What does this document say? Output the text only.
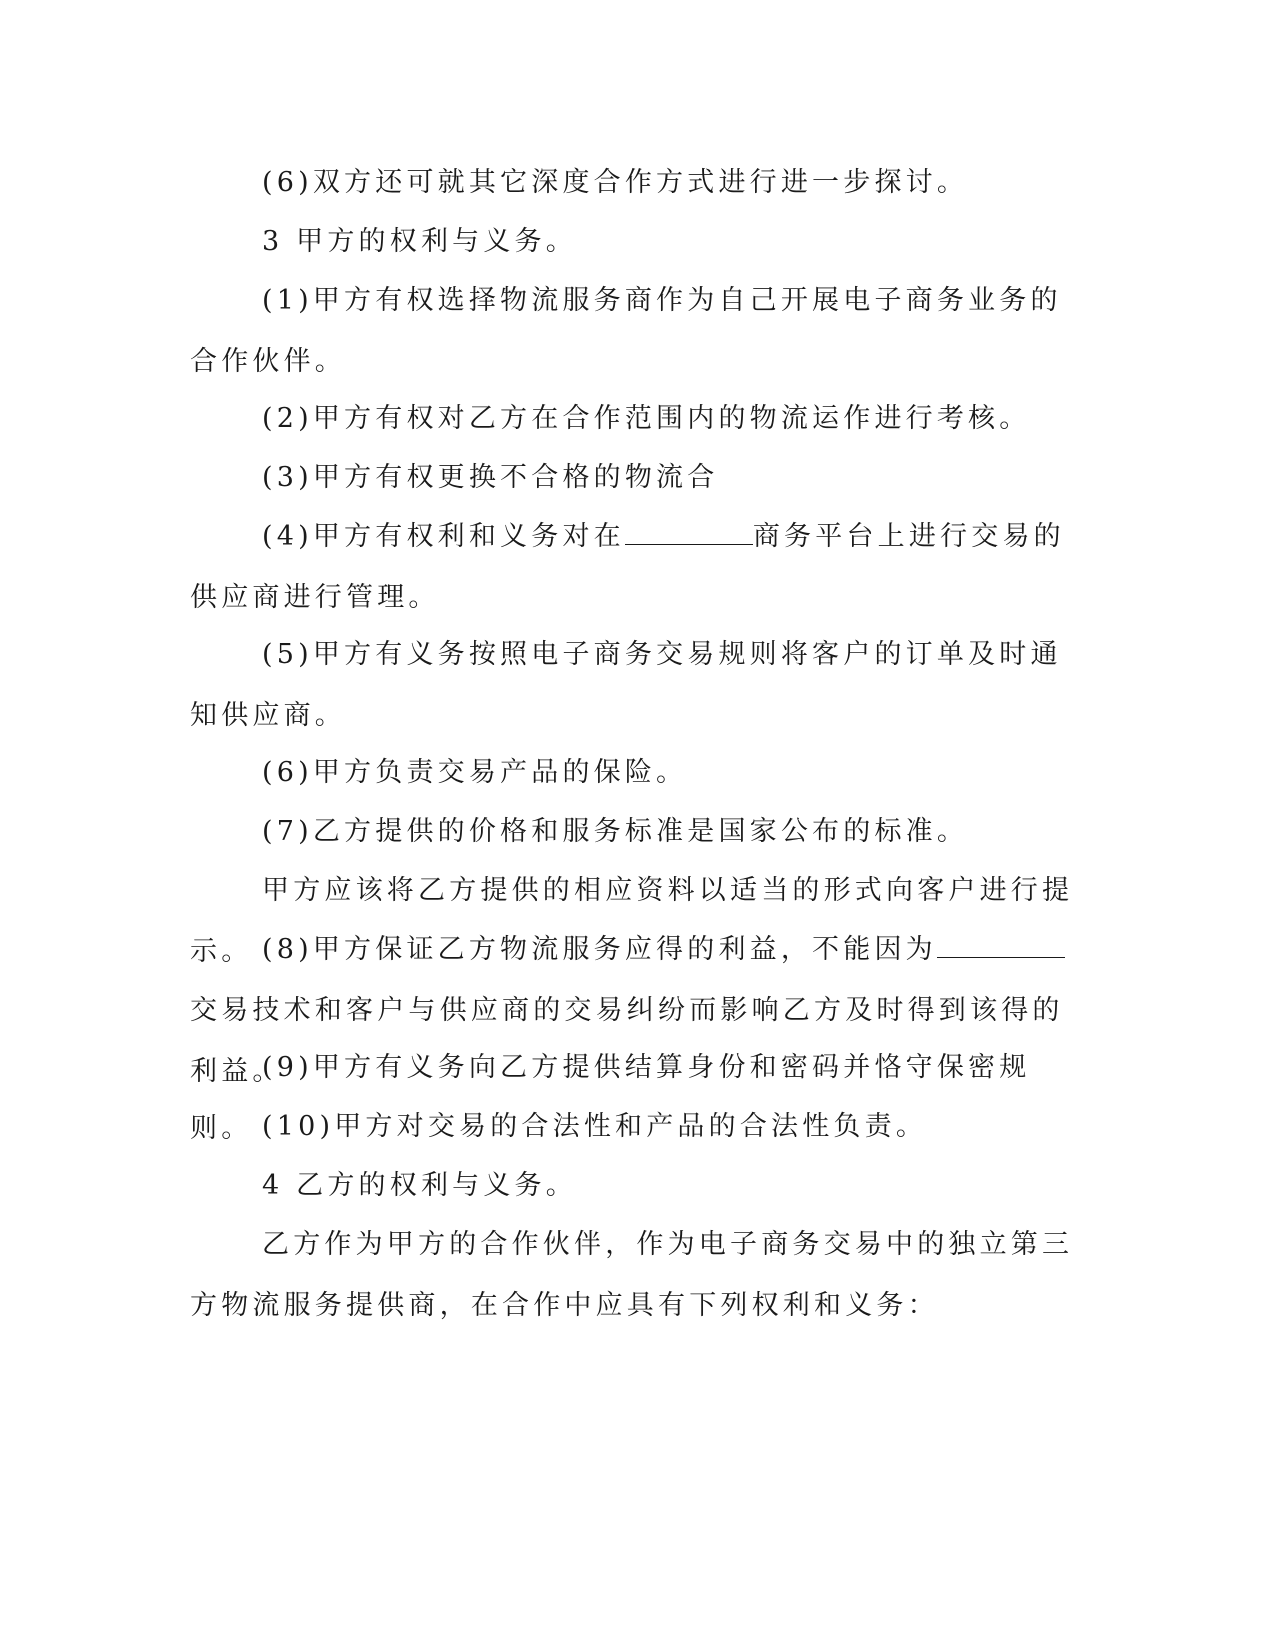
(6)双方还可就其它深度合作方式进行进一步探讨。

3 甲方的权利与义务。

(1)甲方有权选择物流服务商作为自己开展电子商务业务的合作伙伴。

(2)甲方有权对乙方在合作范围内的物流运作进行考核。

(3)甲方有权更换不合格的物流合

(4)甲方有权利和义务对在	商务平台上进行交易的供应商进行管理。

(5)甲方有义务按照电子商务交易规则将客户的订单及时通知供应商。

(6)甲方负责交易产品的保险。

(7)乙方提供的价格和服务标准是国家公布的标准。

甲方应该将乙方提供的相应资料以适当的形式向客户进行提示。 (8)甲方保证乙方物流服务应得的利益，不能因为交易技术和客户与供应商的交易纠纷而影响乙方及时得到该得的利益。

(9)甲方有义务向乙方提供结算身份和密码并恪守保密规则。 (10)甲方对交易的合法性和产品的合法性负责。

4 乙方的权利与义务。

乙方作为甲方的合作伙伴，作为电子商务交易中的独立第三方物流服务提供商，在合作中应具有下列权利和义务：
